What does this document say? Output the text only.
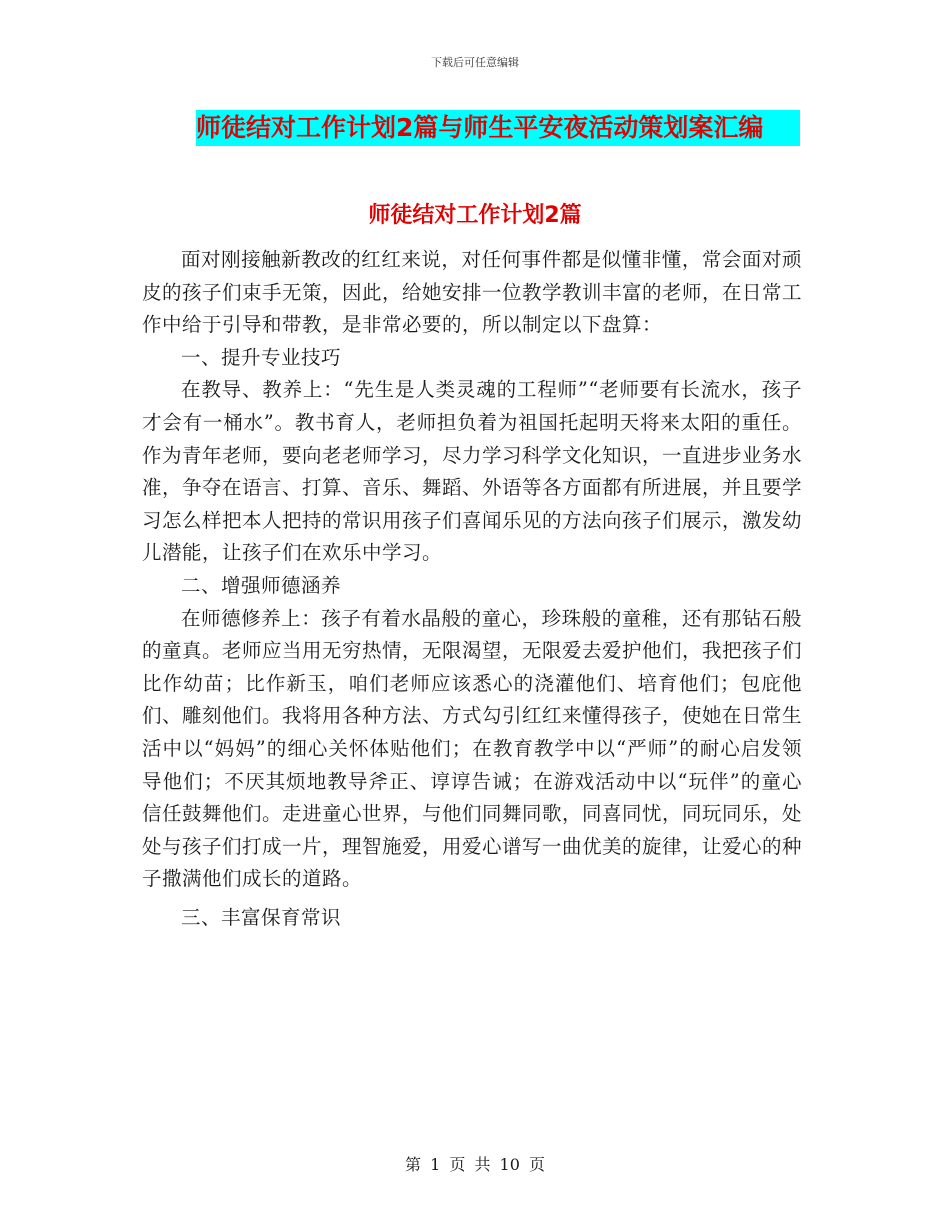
下载后可任意编辑
师徒结对工作计划2篇与师生平安夜活动策划案汇编
师徒结对工作计划2篇

面对刚接触新教改的红红来说，对任何事件都是似懂非懂，常会面对顽皮的孩子们束手无策，因此，给她安排一位教学教训丰富的老师，在日常工作中给于引导和带教，是非常必要的，所以制定以下盘算：

一、提升专业技巧

在教导、教养上：“先生是人类灵魂的工程师”“老师要有长流水，孩子才会有一桶水”。教书育人，老师担负着为祖国托起明天将来太阳的重任。作为青年老师，要向老老师学习，尽力学习科学文化知识，一直进步业务水准，争夺在语言、打算、音乐、舞蹈、外语等各方面都有所进展，并且要学习怎么样把本人把持的常识用孩子们喜闻乐见的方法向孩子们展示，激发幼儿潜能，让孩子们在欢乐中学习。

二、增强师德涵养

在师德修养上：孩子有着水晶般的童心，珍珠般的童稚，还有那钻石般的童真。老师应当用无穷热情，无限渴望，无限爱去爱护他们，我把孩子们比作幼苗；比作新玉，咱们老师应该悉心的浇灌他们、培育他们；包庇他们、雕刻他们。我将用各种方法、方式勾引红红来懂得孩子，使她在日常生活中以“妈妈”的细心关怀体贴他们；在教育教学中以“严师”的耐心启发领导他们；不厌其烦地教导斧正、谆谆告诫；在游戏活动中以“玩伴”的童心信任鼓舞他们。走进童心世界，与他们同舞同歌，同喜同忧，同玩同乐，处处与孩子们打成一片，理智施爱，用爱心谱写一曲优美的旋律，让爱心的种子撒满他们成长的道路。

三、丰富保育常识

第 1 页 共 10 页
